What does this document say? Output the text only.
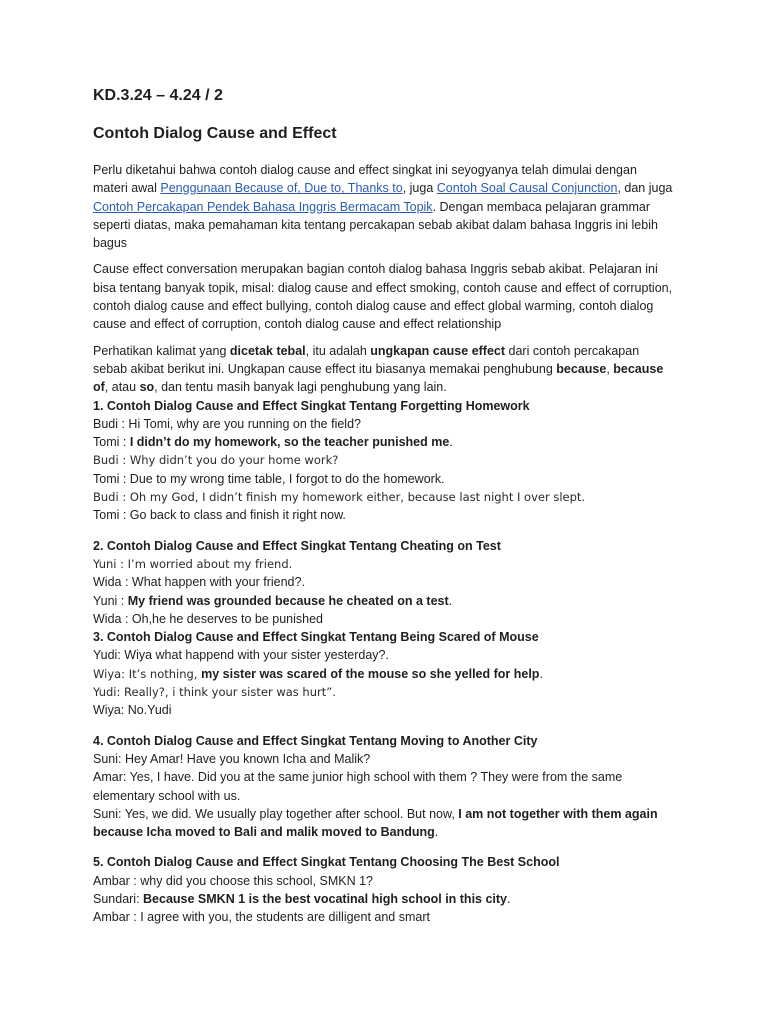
KD.3.24 – 4.24 / 2
Contoh Dialog Cause and Effect

Perlu diketahui bahwa contoh dialog cause and effect singkat ini seyogyanya telah dimulai dengan materi awal Penggunaan Because of, Due to, Thanks to, juga Contoh Soal Causal Conjunction, dan juga Contoh Percakapan Pendek Bahasa Inggris Bermacam Topik. Dengan membaca pelajaran grammar seperti diatas, maka pemahaman kita tentang percakapan sebab akibat dalam bahasa Inggris ini lebih bagus

Cause effect conversation merupakan bagian contoh dialog bahasa Inggris sebab akibat. Pelajaran ini bisa tentang banyak topik, misal: dialog cause and effect smoking, contoh cause and effect of corruption, contoh dialog cause and effect bullying, contoh dialog cause and effect global warming, contoh dialog cause and effect of corruption, contoh dialog cause and effect relationship

Perhatikan kalimat yang dicetak tebal, itu adalah ungkapan cause effect dari contoh percakapan sebab akibat berikut ini. Ungkapan cause effect itu biasanya memakai penghubung because, because of, atau so, dan tentu masih banyak lagi penghubung yang lain.

1. Contoh Dialog Cause and Effect Singkat Tentang Forgetting Homework

Budi : Hi Tomi, why are you running on the field?

Tomi : I didn’t do my homework, so the teacher punished me.

Budi : Why didn’t you do your home work?

Tomi : Due to my wrong time table, I forgot to do the homework.

Budi : Oh my God, I didn’t finish my homework either, because last night I over slept.

Tomi : Go back to class and finish it right now.

2. Contoh Dialog Cause and Effect Singkat Tentang Cheating on Test

Yuni : I’m worried about my friend.

Wida : What happen with your friend?.

Yuni : My friend was grounded because he cheated on a test.

Wida : Oh,he he deserves to be punished

3. Contoh Dialog Cause and Effect Singkat Tentang Being Scared of Mouse

Yudi: Wiya what happend with your sister yesterday?.

Wiya: It’s nothing, my sister was scared of the mouse so she yelled for help.

Yudi: Really?, i think your sister was hurt”.

Wiya: No.Yudi

4. Contoh Dialog Cause and Effect Singkat Tentang Moving to Another City

Suni: Hey Amar! Have you known Icha and Malik?

Amar: Yes, I have. Did you at the same junior high school with them ? They were from the same elementary school with us.

Suni: Yes, we did. We usually play together after school. But now, I am not together with them again because Icha moved to Bali and malik moved to Bandung.

5. Contoh Dialog Cause and Effect Singkat Tentang Choosing The Best School

Ambar : why did you choose this school, SMKN 1?

Sundari: Because SMKN 1 is the best vocatinal high school in this city.

Ambar : I agree with you, the students are dilligent and smart
